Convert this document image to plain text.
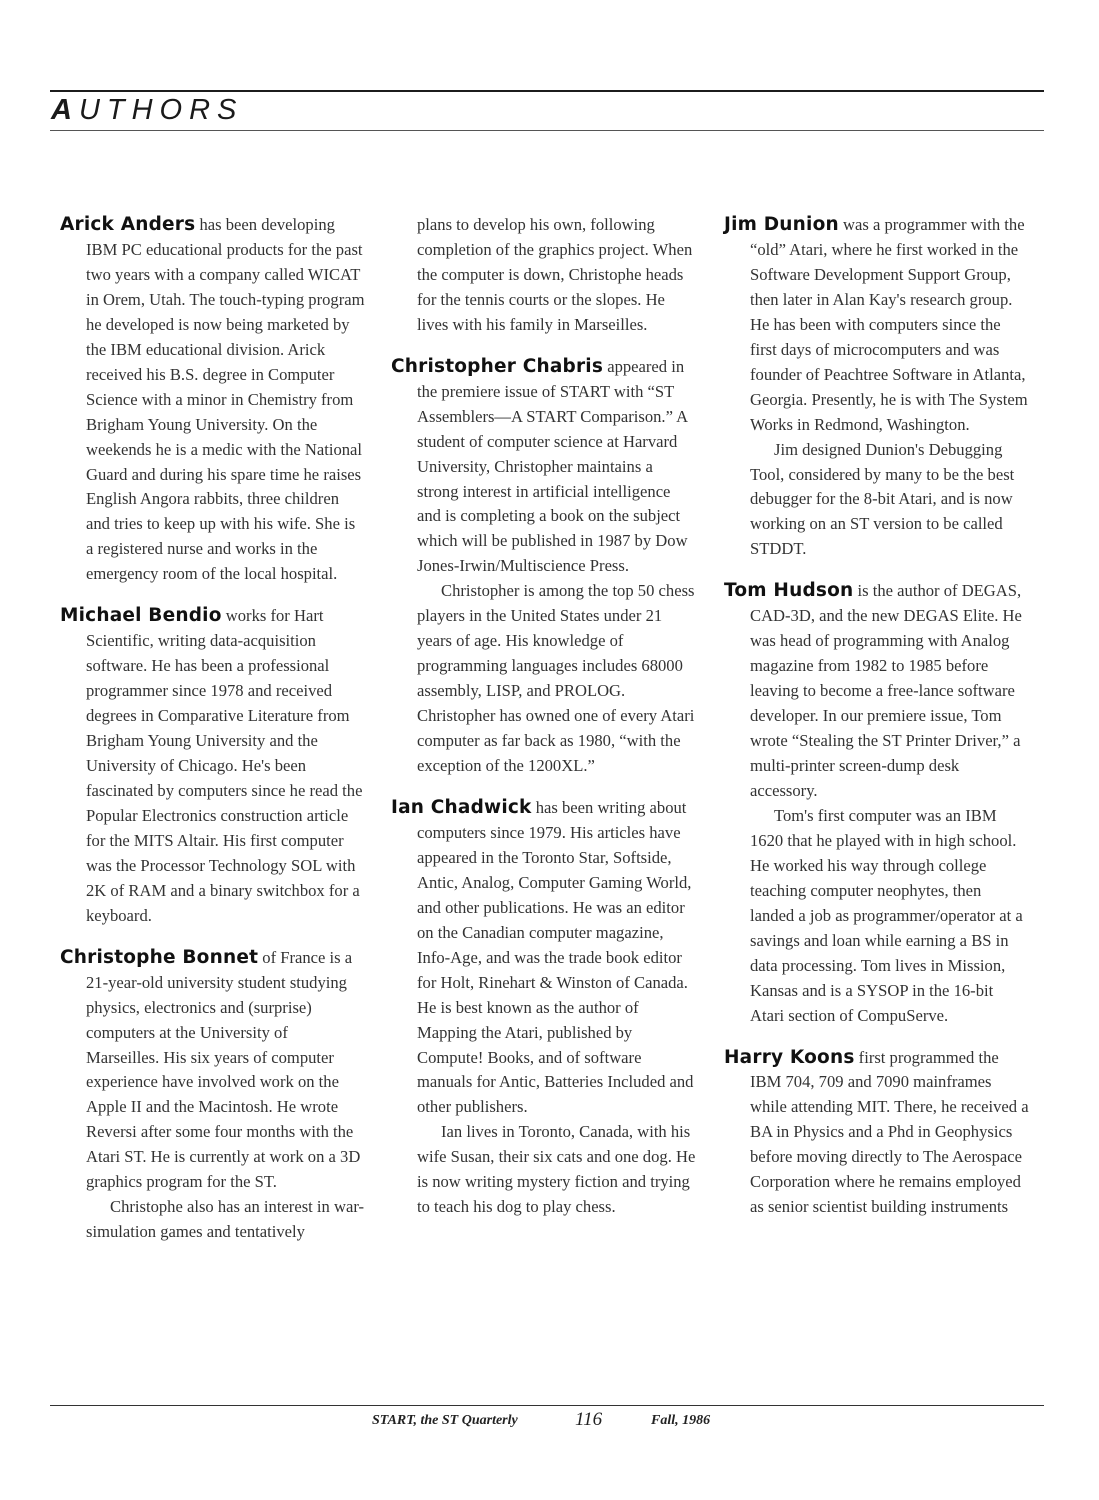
AUTHORS

Arick Anders has been developing IBM PC educational products for the past two years with a company called WICAT in Orem, Utah. The touch-typing program he developed is now being marketed by the IBM educational division. Arick received his B.S. degree in Computer Science with a minor in Chemistry from Brigham Young University. On the weekends he is a medic with the National Guard and during his spare time he raises English Angora rabbits, three children and tries to keep up with his wife. She is a registered nurse and works in the emergency room of the local hospital.

Michael Bendio works for Hart Scientific, writing data-acquisition software. He has been a professional programmer since 1978 and received degrees in Comparative Literature from Brigham Young University and the University of Chicago. He's been fascinated by computers since he read the Popular Electronics construction article for the MITS Altair. His first computer was the Processor Technology SOL with 2K of RAM and a binary switchbox for a keyboard.

Christophe Bonnet of France is a 21-year-old university student studying physics, electronics and (surprise) computers at the University of Marseilles. His six years of computer experience have involved work on the Apple II and the Macintosh. He wrote Reversi after some four months with the Atari ST. He is currently at work on a 3D graphics program for the ST.

Christophe also has an interest in war-simulation games and tentatively

plans to develop his own, following completion of the graphics project. When the computer is down, Christophe heads for the tennis courts or the slopes. He lives with his family in Marseilles.

Christopher Chabris appeared in the premiere issue of START with “ST Assemblers—A START Comparison.” A student of computer science at Harvard University, Christopher maintains a strong interest in artificial intelligence and is completing a book on the subject which will be published in 1987 by Dow Jones-Irwin/Multiscience Press.

Christopher is among the top 50 chess players in the United States under 21 years of age. His knowledge of programming languages includes 68000 assembly, LISP, and PROLOG. Christopher has owned one of every Atari computer as far back as 1980, “with the exception of the 1200XL.”

Ian Chadwick has been writing about computers since 1979. His articles have appeared in the Toronto Star, Softside, Antic, Analog, Computer Gaming World, and other publications. He was an editor on the Canadian computer magazine, Info-Age, and was the trade book editor for Holt, Rinehart & Winston of Canada. He is best known as the author of Mapping the Atari, published by Compute! Books, and of software manuals for Antic, Batteries Included and other publishers.

Ian lives in Toronto, Canada, with his wife Susan, their six cats and one dog. He is now writing mystery fiction and trying to teach his dog to play chess.

Jim Dunion was a programmer with the “old” Atari, where he first worked in the Software Development Support Group, then later in Alan Kay's research group. He has been with computers since the first days of microcomputers and was founder of Peachtree Software in Atlanta, Georgia. Presently, he is with The System Works in Redmond, Washington.

Jim designed Dunion's Debugging Tool, considered by many to be the best debugger for the 8-bit Atari, and is now working on an ST version to be called STDDT.

Tom Hudson is the author of DEGAS, CAD-3D, and the new DEGAS Elite. He was head of programming with Analog magazine from 1982 to 1985 before leaving to become a free-lance software developer. In our premiere issue, Tom wrote “Stealing the ST Printer Driver,” a multi-printer screen-dump desk accessory.

Tom's first computer was an IBM 1620 that he played with in high school. He worked his way through college teaching computer neophytes, then landed a job as programmer/operator at a savings and loan while earning a BS in data processing. Tom lives in Mission, Kansas and is a SYSOP in the 16-bit Atari section of CompuServe.

Harry Koons first programmed the IBM 704, 709 and 7090 mainframes while attending MIT. There, he received a BA in Physics and a Phd in Geophysics before moving directly to The Aerospace Corporation where he remains employed as senior scientist building instruments

START, the ST Quarterly	116	Fall, 1986
